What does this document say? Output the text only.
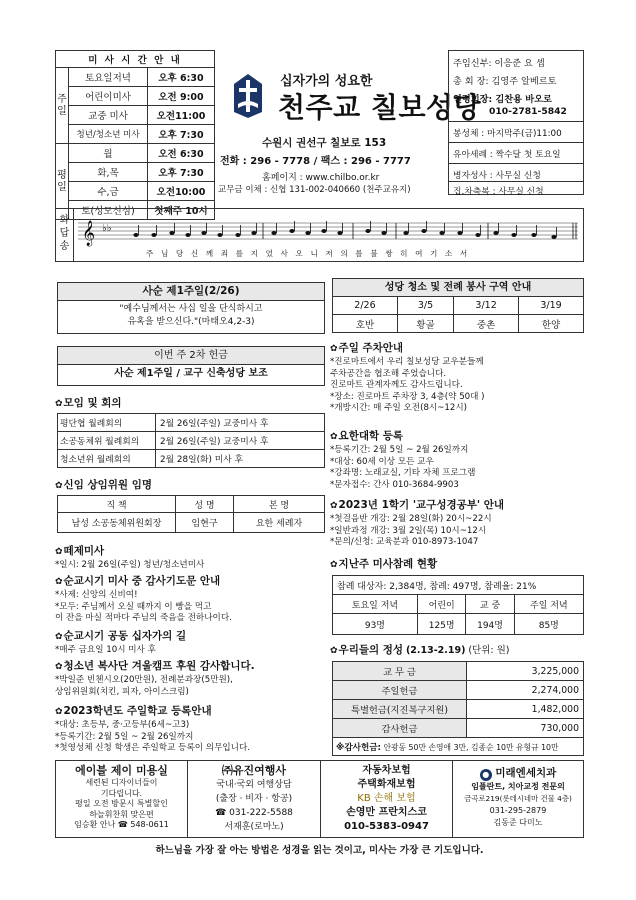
미 사 시 간 안 내		
주
일	토요일저녁	오후 6:30
	어린이미사	오전 9:00
	교중 미사	오전11:00
	청년/청소년 미사	오후 7:30
평
일	월	오전 6:30
	화,목	오후 7:30
	수,금	오전10:00
	토(성모신심)	첫째주 10시
십자가의 성요한
천주교 칠보성당
수원시 권선구 칠보로 153
전화 : 296 - 7778 / 팩스 : 296 - 7777
홈페이지 : www.chilbo.or.kr
교무금 이체 : 신협 131-002-040660 (천주교유지)
주임신부: 이응준 요 셉
총 회 장: 김영주 알베르토
연령회장: 김찬용 바오로
010-2781-5842
봉성체 : 마지막주(금)11:00
유아세례 : 짝수달 첫 토요일
병자성사 : 사무실 신청
집.차축복 : 사무실 신청
화
답
송
𝄞 ♭♭
주 님 당 신 께 죄 를 지 었 사 오 니 저 의 를 불 쌍 히 여 기 소 서
사순 제1주일(2/26)
"예수님께서는 사십 일을 단식하시고
유혹을 받으신다."(마태오4,2-3)
이번 주 2차 헌금
사순 제1주일 / 교구 신축성당 보조
✿ 모임 및 회의
평단협 월례회의	2월 26일(주일) 교중미사 후
소공동체위 월례회의	2월 26일(주일) 교중미사 후
청소년위 월례회의	2월 28일(화) 미사 후
✿ 신임 상임위원 임명
직 책	성 명	본 명
남성 소공동체위원회장	임현구	요한 세례자
✿ 떼제미사
*일시: 2월 26일(주일) 청년/청소년미사
✿ 순교시기 미사 중 감사기도문 안내
*사제: 신앙의 신비여!
*모두: 주님께서 오실 때까지 이 빵을 먹고
이 잔을 마실 적마다 주님의 죽음을 전하나이다.
✿ 순교시기 공동 십자가의 길
*매주 금요일 10시 미사 후
✿ 청소년 복사단 겨울캠프 후원 감사합니다.
*박일준 빈첸시오(20만원), 전례분과장(5만원),
상임위원회(치킨, 피자, 아이스크림)
✿ 2023학년도 주일학교 등록안내
*대상: 초등부, 중·고등부(6세~고3)
*등록기간: 2월 5일 ~ 2월 26일까지
*첫영성체 신청 학생은 주일학교 등록이 의무입니다.
성당 청소 및 전례 봉사 구역 안내
2/26	3/5	3/12	3/19
호반	황골	중촌	한양
✿ 주일 주차안내
*진로마트에서 우리 칠보성당 교우분들께
주차공간을 협조해 주었습니다.
진로마트 관계자께도 감사드립니다.
*장소: 진로마트 주차장 3, 4층(약 50대 )
*개방시간: 매 주일 오전(8시~12시)
✿ 요한대학 등록
*등록기간: 2월 5일 ~ 2월 26일까지
*대상: 60세 이상 모든 교우
*강좌명: 노래교실, 기타 자체 프로그램
*문자접수: 간사 010-3684-9903
✿ 2023년 1학기 '교구성경공부' 안내
*첫걸음반 개강: 2월 28일(화) 20시~22시
*일반과정 개강: 3월 2일(목) 10시~12시
*문의/신청: 교육분과 010-8973-1047
✿ 지난주 미사참례 현황
참례 대상자: 2,384명, 참례: 497명, 참례율: 21%			
토요일 저녁	어린이	교 중	주일 저녁
93명	125명	194명	85명
✿ 우리들의 정성 (2.13-2.19) (단위: 원)
교 무 금	3,225,000
주일헌금	2,274,000
특별헌금(지진복구지원)	1,482,000
감사헌금	730,000
※감사헌금: 안광동 50만 손영애 3만, 김종순 10만 유형규 10만	
에이블 제이 미용실
세련된 디자이너들이
기다립니다.
평일 오전 방문시 특별할인
하늘휘찬휘 맞은편
임승환 안나 ☎ 548-0611
㈜유진여행사
국내·국외 여행상담
(출장 · 비자 · 항공)
☎ 031-222-5588
서재훈(로마노)
자동차보험
주택화재보험
KB 손해 보험
손영만 프란치스코
010-5383-0947
● 미래엔세치과
임플란트, 치아교정 전문의
금곡로219(롯데시네마 건물 4층)
031-295-2879
김동준 다미노
하느님을 가장 잘 아는 방법은 성경을 읽는 것이고, 미사는 가장 큰 기도입니다.
